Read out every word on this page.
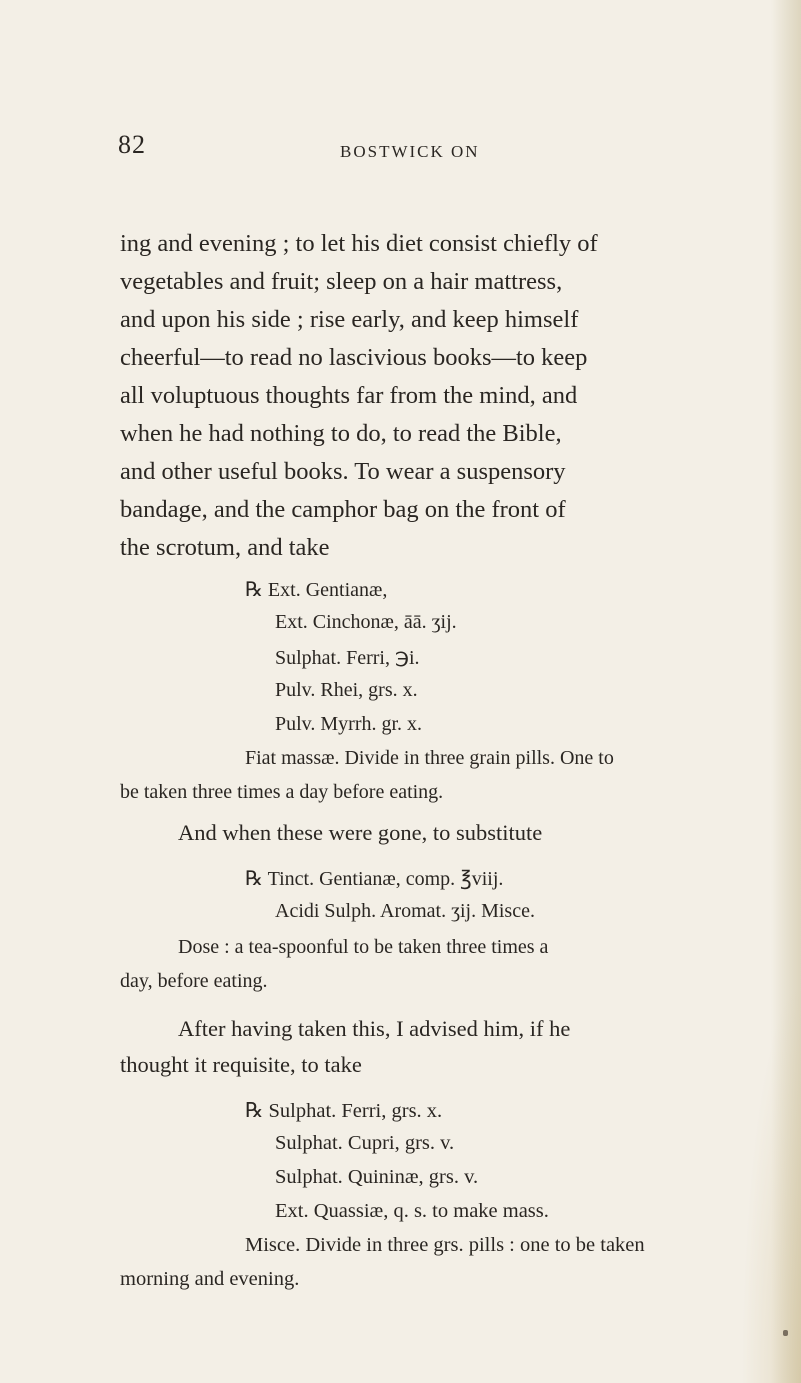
82	BOSTWICK ON

ing and evening ; to let his diet consist chiefly of

vegetables and fruit; sleep on a hair mattress,

and upon his side ; rise early, and keep himself

cheerful—to read no lascivious books—to keep

all voluptuous thoughts far from the mind, and

when he had nothing to do, to read the Bible,

and other useful books. To wear a suspensory

bandage, and the camphor bag on the front of

the scrotum, and take

℞ Ext. Gentianæ,

Ext. Cinchonæ, āā. ʒij.

Sulphat. Ferri, ℈i.

Pulv. Rhei, grs. x.

Pulv. Myrrh. gr. x.

Fiat massæ. Divide in three grain pills. One to

be taken three times a day before eating.

And when these were gone, to substitute

℞ Tinct. Gentianæ, comp. ℥viij.

Acidi Sulph. Aromat. ʒij. Misce.

Dose : a tea-spoonful to be taken three times a

day, before eating.

After having taken this, I advised him, if he

thought it requisite, to take

℞ Sulphat. Ferri, grs. x.

Sulphat. Cupri, grs. v.

Sulphat. Quininæ, grs. v.

Ext. Quassiæ, q. s. to make mass.

Misce. Divide in three grs. pills : one to be taken

morning and evening.
